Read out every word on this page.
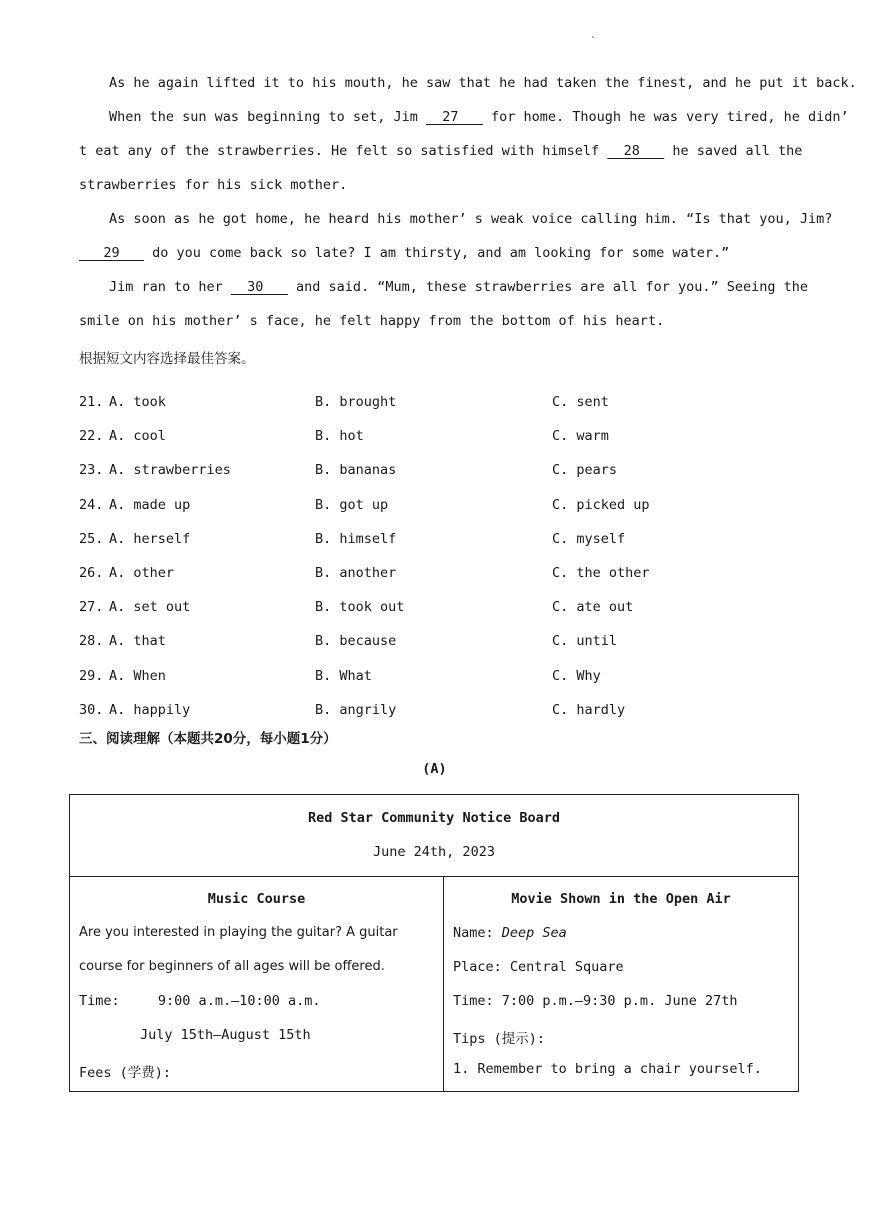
.
As he again lifted it to his mouth, he saw that he had taken the finest, and he put it back.
When the sun was beginning to set, Jim   27    for home. Though he was very tired, he didn’
t eat any of the strawberries. He felt so satisfied with himself   28    he saved all the
strawberries for his sick mother.
As soon as he got home, he heard his mother’ s weak voice calling him. “Is that you, Jim?
29    do you come back so late? I am thirsty, and am looking for some water.”
Jim ran to her   30    and said. “Mum, these strawberries are all for you.” Seeing the
smile on his mother’ s face, he felt happy from the bottom of his heart.
根据短文内容选择最佳答案。
21. A. took	B. brought	C. sent
22. A. cool	B. hot	C. warm
23. A. strawberries	B. bananas	C. pears
24. A. made up	B. got up	C. picked up
25. A. herself	B. himself	C. myself
26. A. other	B. another	C. the other
27. A. set out	B. took out	C. ate out
28. A. that	B. because	C. until
29. A. When	B. What	C. Why
30. A. happily	B. angrily	C. hardly
三、阅读理解（本题共20分，每小题1分）
(A)
Red Star Community Notice Board
June 24th, 2023
Music Course
Are you interested in playing the guitar? A guitar
course for beginners of all ages will be offered.
Time:	9:00 a.m.—10:00 a.m.
July 15th—August 15th
Fees (学费):
Movie Shown in the Open Air
Name: Deep Sea
Place: Central Square
Time: 7:00 p.m.—9:30 p.m. June 27th
Tips (提示):
1. Remember to bring a chair yourself.
